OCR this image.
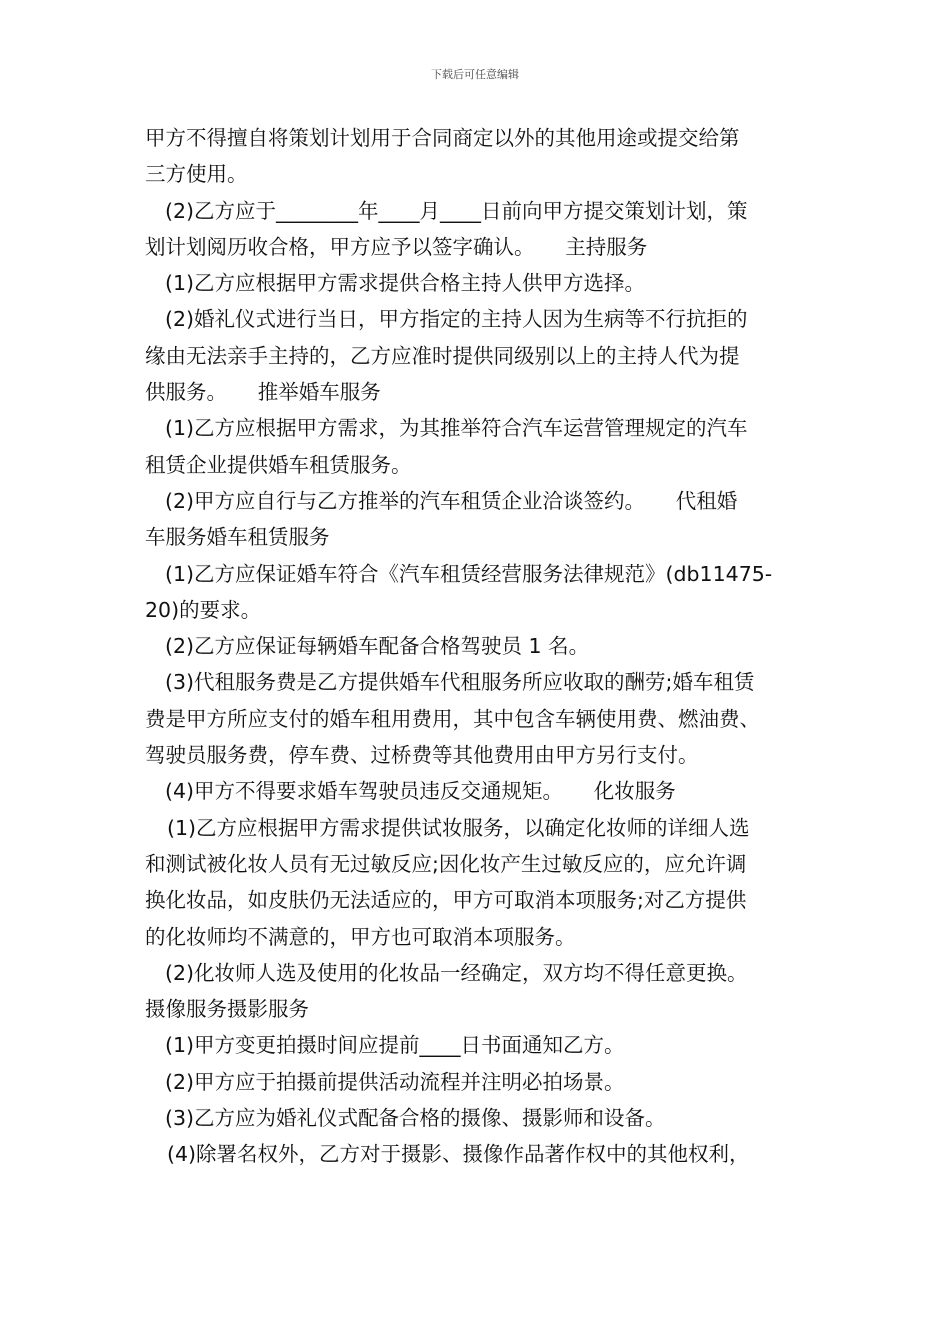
下载后可任意编辑
甲方不得擅自将策划计划用于合同商定以外的其他用途或提交给第
三方使用。
(2)乙方应于________年____月____日前向甲方提交策划计划，策
划计划阅历收合格，甲方应予以签字确认。　　主持服务
(1)乙方应根据甲方需求提供合格主持人供甲方选择。
(2)婚礼仪式进行当日，甲方指定的主持人因为生病等不行抗拒的
缘由无法亲手主持的，乙方应准时提供同级别以上的主持人代为提
供服务。　　推举婚车服务
(1)乙方应根据甲方需求，为其推举符合汽车运营管理规定的汽车
租赁企业提供婚车租赁服务。
(2)甲方应自行与乙方推举的汽车租赁企业洽谈签约。　　代租婚
车服务婚车租赁服务
(1)乙方应保证婚车符合《汽车租赁经营服务法律规范》(db11475-
20)的要求。
(2)乙方应保证每辆婚车配备合格驾驶员 1 名。
(3)代租服务费是乙方提供婚车代租服务所应收取的酬劳;婚车租赁
费是甲方所应支付的婚车租用费用，其中包含车辆使用费、燃油费、
驾驶员服务费，停车费、过桥费等其他费用由甲方另行支付。
(4)甲方不得要求婚车驾驶员违反交通规矩。　　化妆服务
(1)乙方应根据甲方需求提供试妆服务，以确定化妆师的详细人选
和测试被化妆人员有无过敏反应;因化妆产生过敏反应的，应允许调
换化妆品，如皮肤仍无法适应的，甲方可取消本项服务;对乙方提供
的化妆师均不满意的，甲方也可取消本项服务。
(2)化妆师人选及使用的化妆品一经确定，双方均不得任意更换。
摄像服务摄影服务
(1)甲方变更拍摄时间应提前____日书面通知乙方。
(2)甲方应于拍摄前提供活动流程并注明必拍场景。
(3)乙方应为婚礼仪式配备合格的摄像、摄影师和设备。
(4)除署名权外，乙方对于摄影、摄像作品著作权中的其他权利，
